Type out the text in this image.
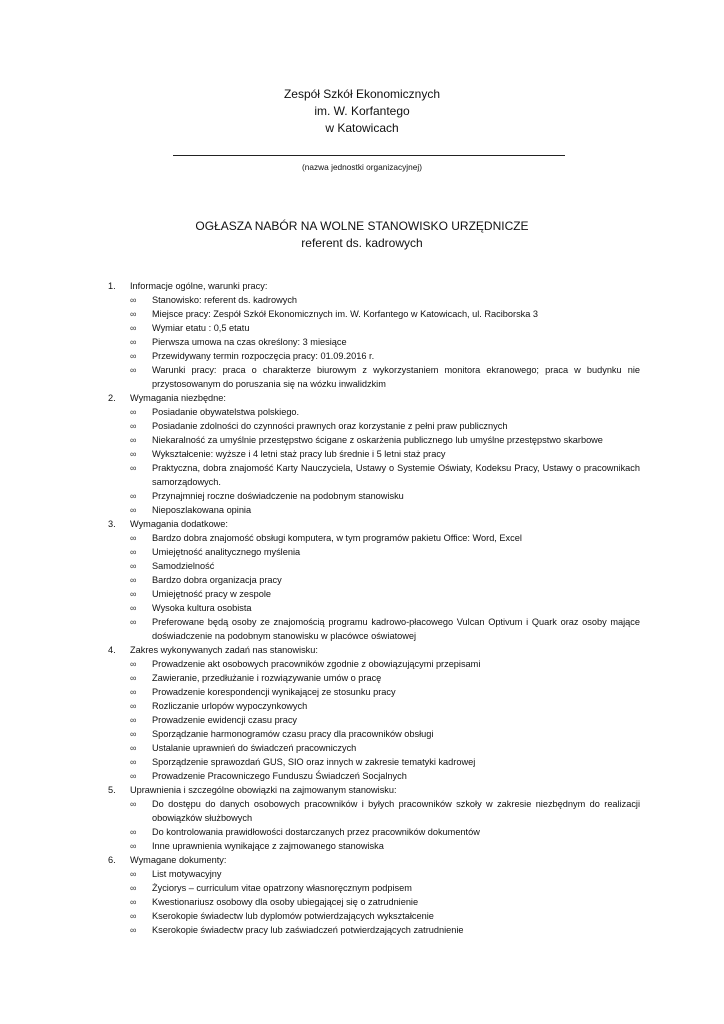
Zespół Szkół Ekonomicznych
im. W. Korfantego
w Katowicach
(nazwa jednostki organizacyjnej)
OGŁASZA NABÓR NA WOLNE STANOWISKO URZĘDNICZE
referent ds. kadrowych
1. Informacje ogólne, warunki pracy:
∞ Stanowisko: referent ds. kadrowych
∞ Miejsce pracy: Zespół Szkół Ekonomicznych im. W. Korfantego w Katowicach, ul. Raciborska 3
∞ Wymiar etatu : 0,5 etatu
∞ Pierwsza umowa na czas określony: 3 miesiące
∞ Przewidywany termin rozpoczęcia pracy: 01.09.2016 r.
∞ Warunki pracy: praca o charakterze biurowym z wykorzystaniem monitora ekranowego; praca w budynku nie przystosowanym do poruszania się na wózku inwalidzkim
2. Wymagania niezbędne:
∞ Posiadanie obywatelstwa polskiego.
∞ Posiadanie zdolności do czynności prawnych oraz korzystanie z pełni praw publicznych
∞ Niekaralność za umyślnie przestępstwo ścigane z oskarżenia publicznego lub umyślne przestępstwo skarbowe
∞ Wykształcenie: wyższe i 4 letni staż pracy lub średnie i 5 letni staż pracy
∞ Praktyczna, dobra znajomość Karty Nauczyciela, Ustawy o Systemie Oświaty, Kodeksu Pracy, Ustawy o pracownikach samorządowych.
∞ Przynajmniej roczne doświadczenie na podobnym stanowisku
∞ Nieposzlakowana opinia
3. Wymagania dodatkowe:
∞ Bardzo dobra znajomość obsługi komputera, w tym programów pakietu Office: Word, Excel
∞ Umiejętność analitycznego myślenia
∞ Samodzielność
∞ Bardzo dobra organizacja pracy
∞ Umiejętność pracy w zespole
∞ Wysoka kultura osobista
∞ Preferowane będą osoby ze znajomością programu kadrowo-płacowego Vulcan Optivum i Quark oraz osoby mające doświadczenie na podobnym stanowisku w placówce oświatowej
4. Zakres wykonywanych zadań nas stanowisku:
∞ Prowadzenie akt osobowych pracowników zgodnie z obowiązującymi przepisami
∞ Zawieranie, przedłużanie i rozwiązywanie umów o pracę
∞ Prowadzenie korespondencji wynikającej ze stosunku pracy
∞ Rozliczanie urlopów wypoczynkowych
∞ Prowadzenie ewidencji czasu pracy
∞ Sporządzanie harmonogramów czasu pracy dla pracowników obsługi
∞ Ustalanie uprawnień do świadczeń pracowniczych
∞ Sporządzenie sprawozdań GUS, SIO oraz innych w zakresie tematyki kadrowej
∞ Prowadzenie Pracowniczego Funduszu Świadczeń Socjalnych
5. Uprawnienia i szczególne obowiązki na zajmowanym stanowisku:
∞ Do dostępu do danych osobowych pracowników i byłych pracowników szkoły w zakresie niezbędnym do realizacji obowiązków służbowych
∞ Do kontrolowania prawidłowości dostarczanych przez pracowników dokumentów
∞ Inne uprawnienia wynikające z zajmowanego stanowiska
6. Wymagane dokumenty:
∞ List motywacyjny
∞ Życiorys – curriculum vitae opatrzony własnoręcznym podpisem
∞ Kwestionariusz osobowy dla osoby ubiegającej się o zatrudnienie
∞ Kserokopie świadectw lub dyplomów potwierdzających wykształcenie
∞ Kserokopie świadectw pracy lub zaświadczeń potwierdzających zatrudnienie
